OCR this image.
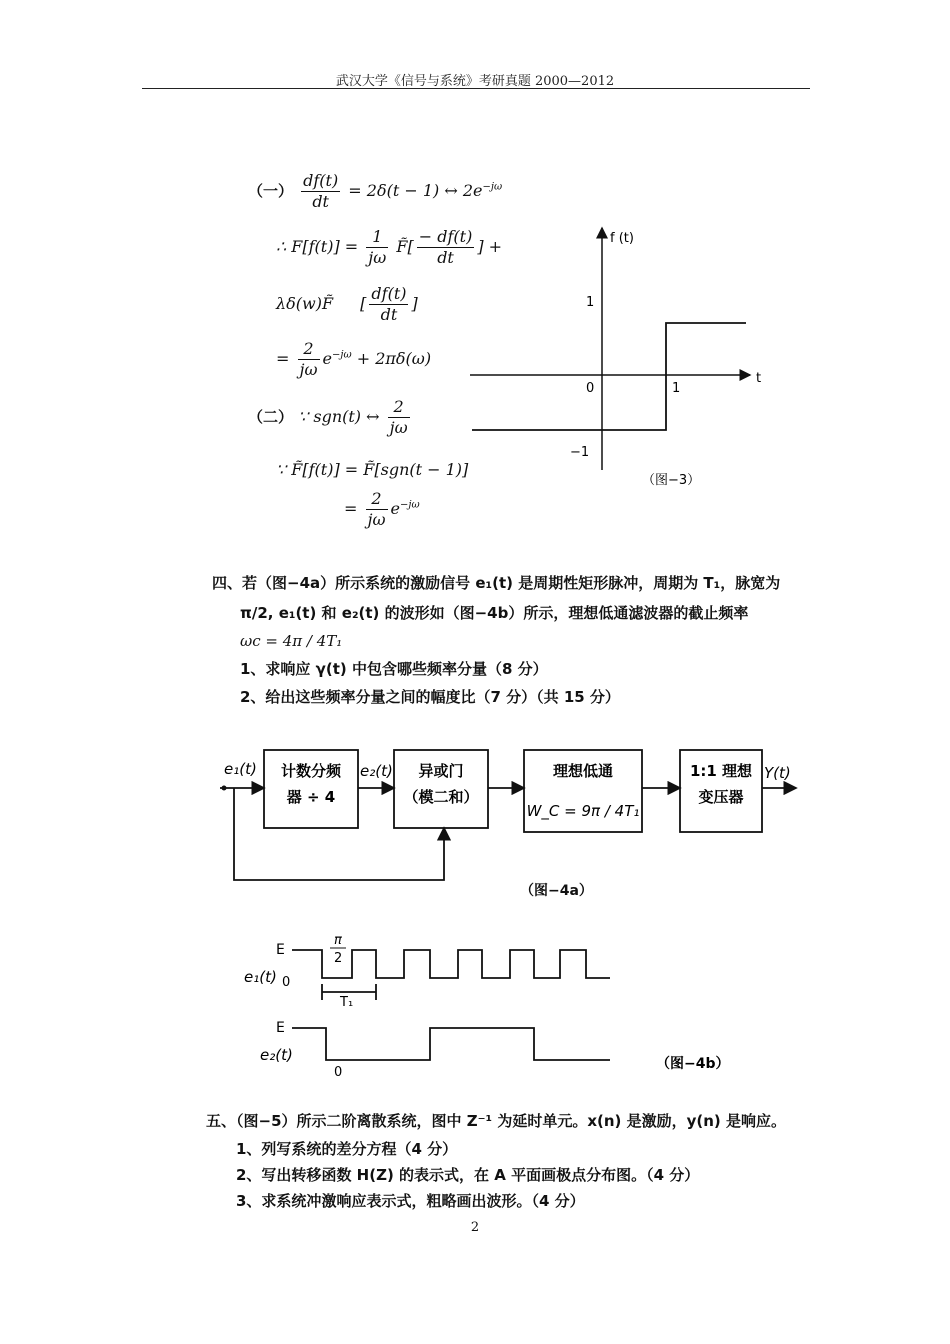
武汉大学《信号与系统》考研真题 2000—2012
（一） $\frac{df(t)}{dt} = 2\delta(t - 1)$ ↔ $2e^{-j\omega}$
∴ $F[f(t)] = \frac{1}{j\omega}$ F̃[ $\frac{- df(t)}{dt}$ ] +
λδ(w)F̃ [ $\frac{df(t)}{dt}$ ]
= $\frac{2}{j\omega} e^{-j\omega} + 2\pi\delta(\omega)$
（二） ∵ sgn(t) ↔ $\frac{2}{j\omega}$
∵ F̃[f(t)] = F̃[sgn(t − 1)]
= $\frac{2}{j\omega} e^{-j\omega}$
f (t)
1
−1
0	1
t
（图−3）
四、若（图−4a）所示系统的激励信号 e₁(t) 是周期性矩形脉冲，周期为 T₁，脉宽为
π/2, e₁(t) 和 e₂(t) 的波形如（图−4b）所示，理想低通滤波器的截止频率
ωc = 4π / 4T₁
1、求响应 γ(t) 中包含哪些频率分量（8 分）
2、给出这些频率分量之间的幅度比（7 分）（共 15 分）
e₁(t)	e₂(t)	Y(t)
计数分频
器 ÷ 4
异或门
（模二和）
理想低通
W_C = 9π / 4T₁
1:1 理想
变压器
（图−4a）
E
e₁(t) 0
π
2
T₁
E
e₂(t)
0
（图−4b）
五、（图−5）所示二阶离散系统，图中 Z⁻¹ 为延时单元。x(n) 是激励，y(n) 是响应。
1、列写系统的差分方程（4 分）
2、写出转移函数 H(Z) 的表示式，在 A 平面画极点分布图。（4 分）
3、求系统冲激响应表示式，粗略画出波形。（4 分）
2
